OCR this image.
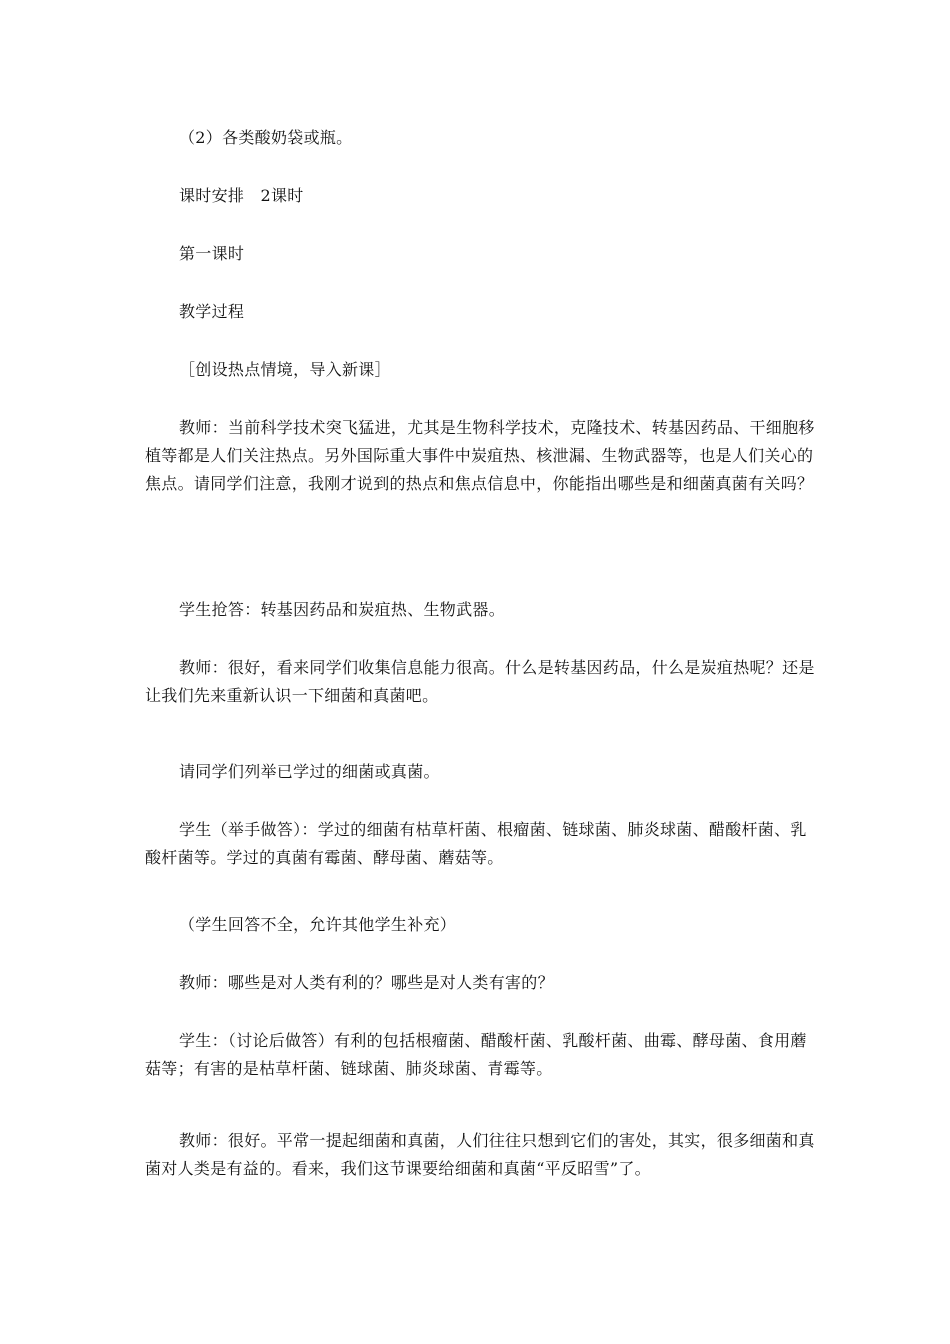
（2）各类酸奶袋或瓶。

课时安排　2课时

第一课时

教学过程

［创设热点情境，导入新课］

教师：当前科学技术突飞猛进，尤其是生物科学技术，克隆技术、转基因药品、干细胞移植等都是人们关注热点。另外国际重大事件中炭疽热、核泄漏、生物武器等，也是人们关心的焦点。请同学们注意，我刚才说到的热点和焦点信息中，你能指出哪些是和细菌真菌有关吗？

学生抢答：转基因药品和炭疽热、生物武器。

教师：很好，看来同学们收集信息能力很高。什么是转基因药品，什么是炭疽热呢？还是让我们先来重新认识一下细菌和真菌吧。

请同学们列举已学过的细菌或真菌。

学生（举手做答）：学过的细菌有枯草杆菌、根瘤菌、链球菌、肺炎球菌、醋酸杆菌、乳酸杆菌等。学过的真菌有霉菌、酵母菌、蘑菇等。

（学生回答不全，允许其他学生补充）

教师：哪些是对人类有利的？哪些是对人类有害的？

学生：（讨论后做答）有利的包括根瘤菌、醋酸杆菌、乳酸杆菌、曲霉、酵母菌、食用蘑菇等；有害的是枯草杆菌、链球菌、肺炎球菌、青霉等。

教师：很好。平常一提起细菌和真菌，人们往往只想到它们的害处，其实，很多细菌和真菌对人类是有益的。看来，我们这节课要给细菌和真菌“平反昭雪”了。
